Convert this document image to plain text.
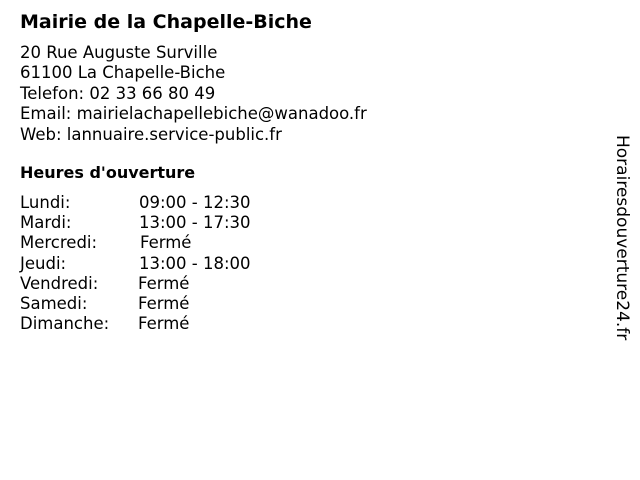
Mairie de la Chapelle-Biche
20 Rue Auguste Surville
61100 La Chapelle-Biche
Telefon: 02 33 66 80 49
Email: mairielachapellebiche@wanadoo.fr
Web: lannuaire.service-public.fr
Heures d'ouverture
Lundi:	09:00 - 12:30
Mardi:	13:00 - 17:30
Mercredi:	Fermé
Jeudi:	13:00 - 18:00
Vendredi: Fermé
Samedi:	Fermé
Dimanche: Fermé	Horairesdouverture24.fr
